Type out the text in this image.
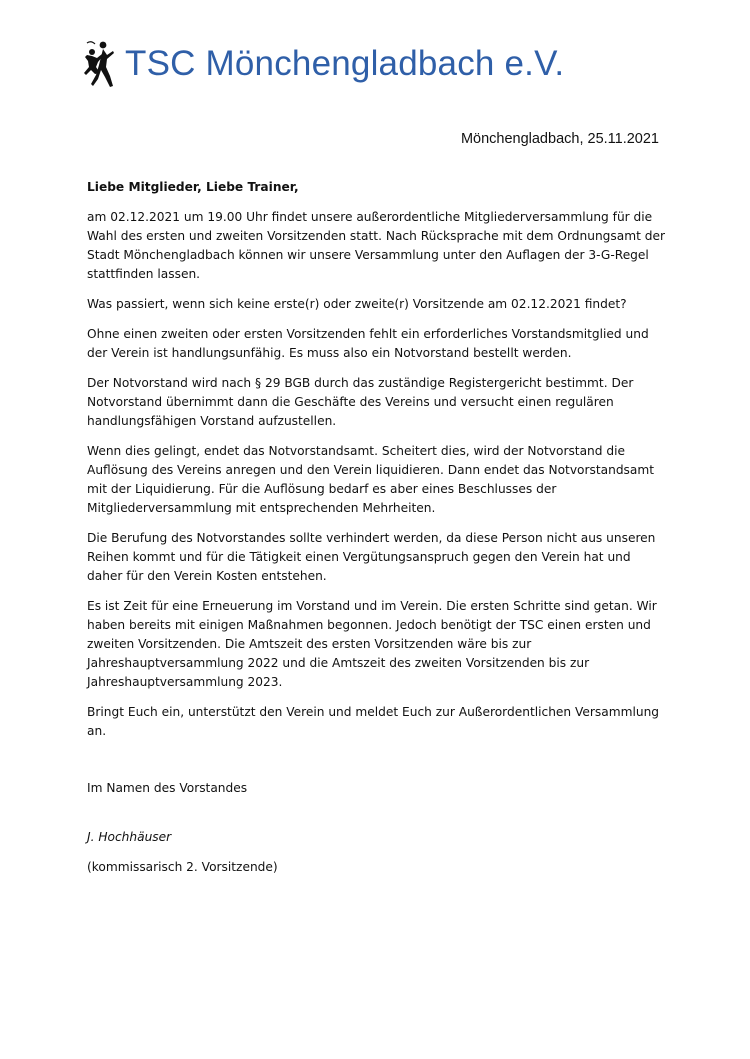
TSC Mönchengladbach e.V.
Mönchengladbach, 25.11.2021

Liebe Mitglieder, Liebe Trainer,

am 02.12.2021 um 19.00 Uhr findet unsere außerordentliche Mitgliederversammlung für die Wahl des ersten und zweiten Vorsitzenden statt. Nach Rücksprache mit dem Ordnungsamt der Stadt Mönchengladbach können wir unsere Versammlung unter den Auflagen der 3-G-Regel stattfinden lassen.

Was passiert, wenn sich keine erste(r) oder zweite(r) Vorsitzende am 02.12.2021 findet?

Ohne einen zweiten oder ersten Vorsitzenden fehlt ein erforderliches Vorstandsmitglied und der Verein ist handlungsunfähig. Es muss also ein Notvorstand bestellt werden.

Der Notvorstand wird nach § 29 BGB durch das zuständige Registergericht bestimmt. Der Notvorstand übernimmt dann die Geschäfte des Vereins und versucht einen regulären handlungsfähigen Vorstand aufzustellen.

Wenn dies gelingt, endet das Notvorstandsamt. Scheitert dies, wird der Notvorstand die Auflösung des Vereins anregen und den Verein liquidieren. Dann endet das Notvorstandsamt mit der Liquidierung. Für die Auflösung bedarf es aber eines Beschlusses der Mitgliederversammlung mit entsprechenden Mehrheiten.

Die Berufung des Notvorstandes sollte verhindert werden, da diese Person nicht aus unseren Reihen kommt und für die Tätigkeit einen Vergütungsanspruch gegen den Verein hat und daher für den Verein Kosten entstehen.

Es ist Zeit für eine Erneuerung im Vorstand und im Verein. Die ersten Schritte sind getan. Wir haben bereits mit einigen Maßnahmen begonnen. Jedoch benötigt der TSC einen ersten und zweiten Vorsitzenden. Die Amtszeit des ersten Vorsitzenden wäre bis zur Jahreshauptversammlung 2022 und die Amtszeit des zweiten Vorsitzenden bis zur Jahreshauptversammlung 2023.

Bringt Euch ein, unterstützt den Verein und meldet Euch zur Außerordentlichen Versammlung an.

Im Namen des Vorstandes

J. Hochhäuser

(kommissarisch 2. Vorsitzende)
